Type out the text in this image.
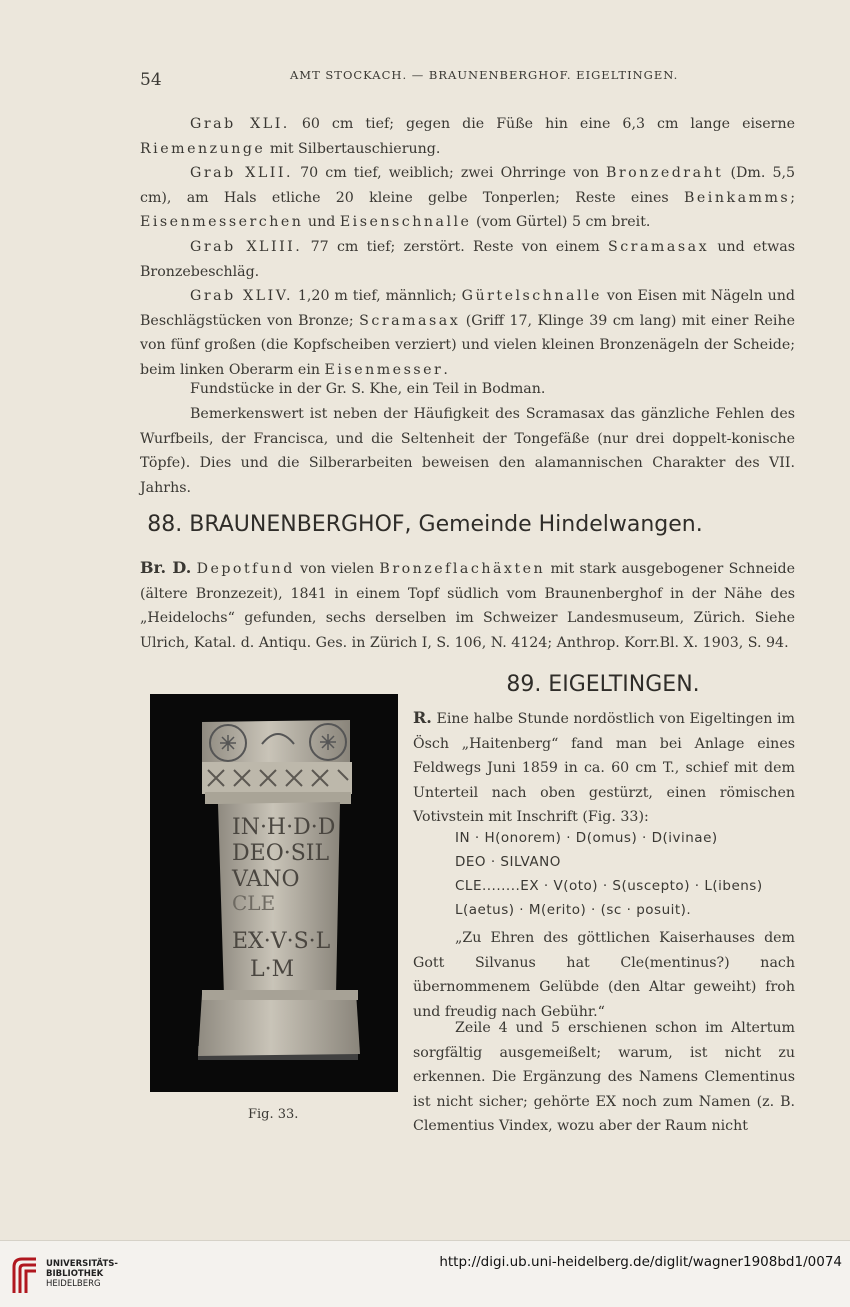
54	AMT STOCKACH. — BRAUNENBERGHOF. EIGELTINGEN.

Grab XLI. 60 cm tief; gegen die Füße hin eine 6,3 cm lange eiserne Riemenzunge mit Silbertauschierung.

Grab XLII. 70 cm tief, weiblich; zwei Ohrringe von Bronzedraht (Dm. 5,5 cm), am Hals etliche 20 kleine gelbe Tonperlen; Reste eines Beinkamms; Eisenmesserchen und Eisenschnalle (vom Gürtel) 5 cm breit.

Grab XLIII. 77 cm tief; zerstört. Reste von einem Scramasax und etwas Bronzebeschläg.

Grab XLIV. 1,20 m tief, männlich; Gürtelschnalle von Eisen mit Nägeln und Beschlägstücken von Bronze; Scramasax (Griff 17, Klinge 39 cm lang) mit einer Reihe von fünf großen (die Kopfscheiben verziert) und vielen kleinen Bronzenägeln der Scheide; beim linken Oberarm ein Eisenmesser.

Fundstücke in der Gr. S. Khe, ein Teil in Bodman.

Bemerkenswert ist neben der Häufigkeit des Scramasax das gänzliche Fehlen des Wurfbeils, der Francisca, und die Seltenheit der Tongefäße (nur drei doppelt-konische Töpfe). Dies und die Silberarbeiten beweisen den alamannischen Charakter des VII. Jahrhs.

88. BRAUNENBERGHOF, Gemeinde Hindelwangen.

Br. D. Depotfund von vielen Bronzeflachäxten mit stark ausgebogener Schneide (ältere Bronzezeit), 1841 in einem Topf südlich vom Braunenberghof in der Nähe des „Heidelochs“ gefunden, sechs derselben im Schweizer Landesmuseum, Zürich. Siehe Ulrich, Katal. d. Antiqu. Ges. in Zürich I, S. 106, N. 4124; Anthrop. Korr.Bl. X. 1903, S. 94.

IN·H·D·D
DEO·SIL
VANO
CLE
EX·V·S·L
L·M
Fig. 33.
89. EIGELTINGEN.

R. Eine halbe Stunde nordöstlich von Eigeltingen im Ösch „Haitenberg“ fand man bei Anlage eines Feldwegs Juni 1859 in ca. 60 cm T., schief mit dem Unterteil nach oben gestürzt, einen römischen Votivstein mit Inschrift (Fig. 33):

IN · H(onorem) · D(omus) · D(ivinae)
DEO · SILVANO
CLE........EX · V(oto) · S(uscepto) · L(ibens)
L(aetus) · M(erito) · (sc · posuit).

„Zu Ehren des göttlichen Kaiserhauses dem Gott Silvanus hat Cle(mentinus?) nach übernommenem Gelübde (den Altar geweiht) froh und freudig nach Gebühr.“

Zeile 4 und 5 erschienen schon im Altertum sorgfältig ausgemeißelt; warum, ist nicht zu erkennen. Die Ergänzung des Namens Clementinus ist nicht sicher; gehörte EX noch zum Namen (z. B. Clementius Vindex, wozu aber der Raum nicht

UNIVERSITÄTS-
BIBLIOTHEK
HEIDELBERG
http://digi.ub.uni-heidelberg.de/diglit/wagner1908bd1/0074
